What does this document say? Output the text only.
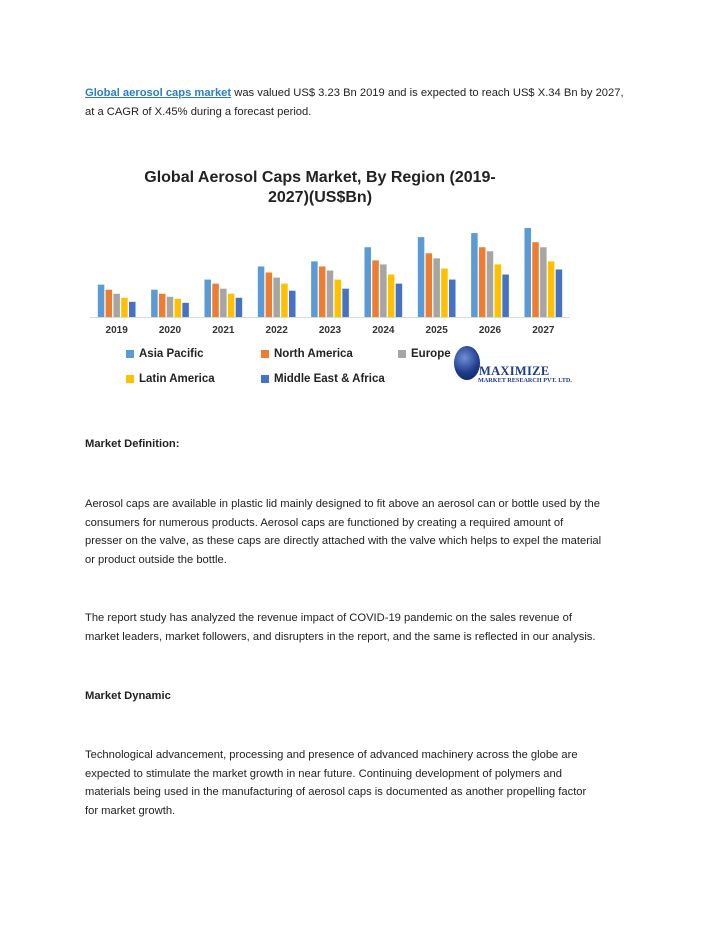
Global aerosol caps market was valued US$ 3.23 Bn 2019 and is expected to reach US$ X.34 Bn by 2027,
at a CAGR of X.45% during a forecast period.

2019	2020	2021	2022	2023	2024	2025	2026	2027
Global Aerosol Caps Market, By Region (2019-
2027)(US$Bn)
Asia Pacific	North America	Europe
Latin America	Middle East & Africa
MAXIMIZE
MARKET RESEARCH PVT. LTD.

Market Definition:

Aerosol caps are available in plastic lid mainly designed to fit above an aerosol can or bottle used by the
consumers for numerous products. Aerosol caps are functioned by creating a required amount of
presser on the valve, as these caps are directly attached with the valve which helps to expel the material
or product outside the bottle.

The report study has analyzed the revenue impact of COVID-19 pandemic on the sales revenue of
market leaders, market followers, and disrupters in the report, and the same is reflected in our analysis.

Market Dynamic

Technological advancement, processing and presence of advanced machinery across the globe are
expected to stimulate the market growth in near future. Continuing development of polymers and
materials being used in the manufacturing of aerosol caps is documented as another propelling factor
for market growth.
